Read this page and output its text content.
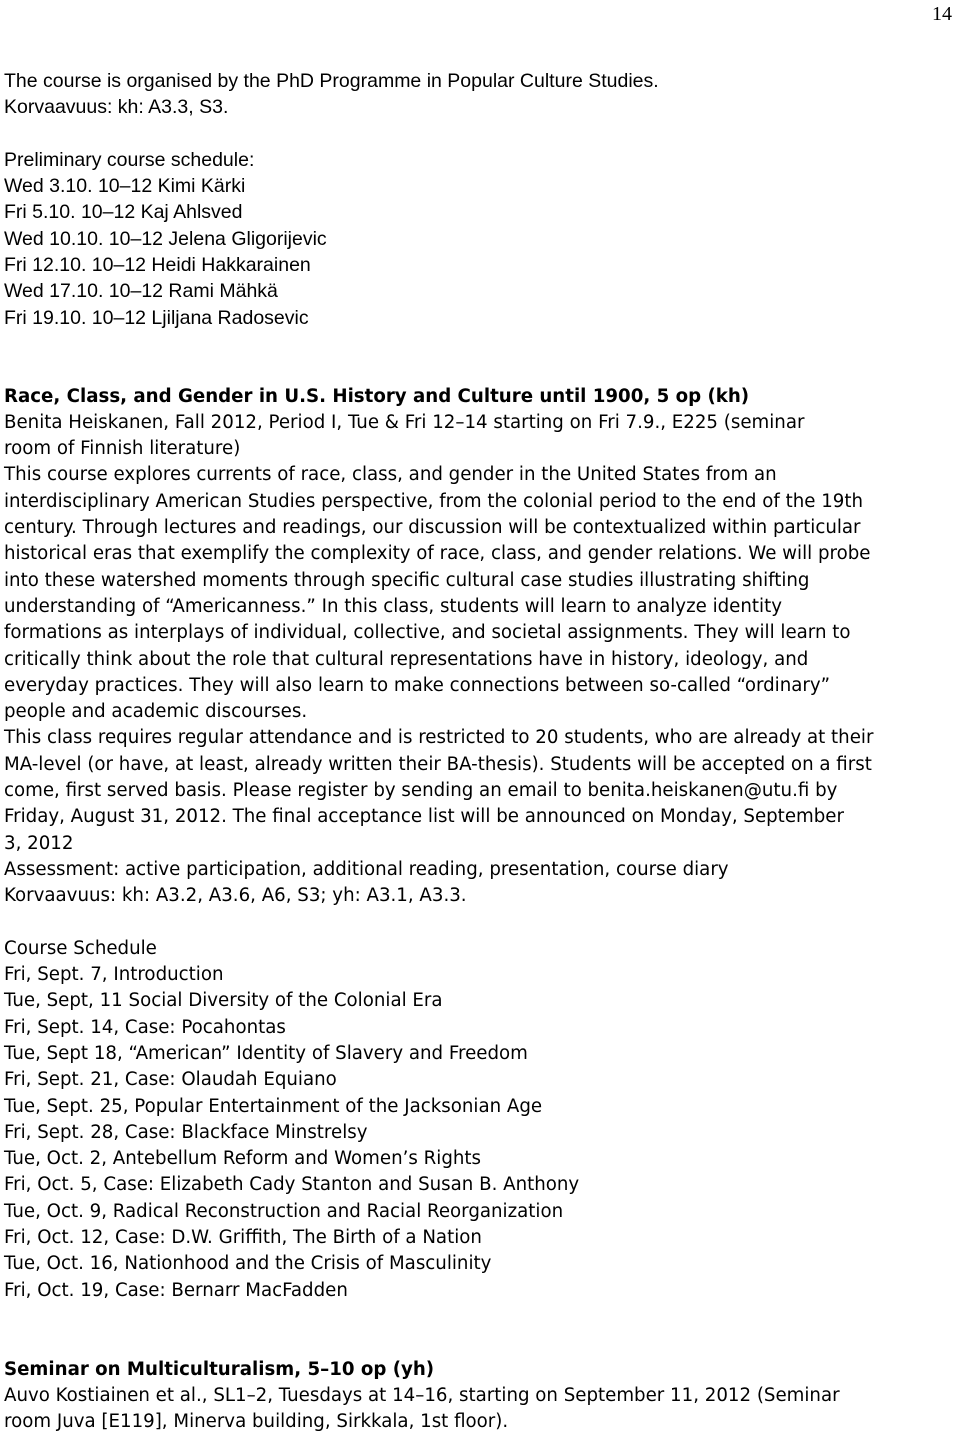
14
The course is organised by the PhD Programme in Popular Culture Studies.
Korvaavuus: kh: A3.3, S3.
Preliminary course schedule:
Wed 3.10. 10–12 Kimi Kärki
Fri 5.10. 10–12 Kaj Ahlsved
Wed 10.10. 10–12 Jelena Gligorijevic
Fri 12.10. 10–12 Heidi Hakkarainen
Wed 17.10. 10–12 Rami Mähkä
Fri 19.10. 10–12 Ljiljana Radosevic
Race, Class, and Gender in U.S. History and Culture until 1900, 5 op (kh)
Benita Heiskanen, Fall 2012, Period I, Tue & Fri 12–14 starting on Fri 7.9., E225 (seminar
room of Finnish literature)
This course explores currents of race, class, and gender in the United States from an
interdisciplinary American Studies perspective, from the colonial period to the end of the 19th
century. Through lectures and readings, our discussion will be contextualized within particular
historical eras that exemplify the complexity of race, class, and gender relations. We will probe
into these watershed moments through specific cultural case studies illustrating shifting
understanding of “Americanness.” In this class, students will learn to analyze identity
formations as interplays of individual, collective, and societal assignments. They will learn to
critically think about the role that cultural representations have in history, ideology, and
everyday practices. They will also learn to make connections between so-called “ordinary”
people and academic discourses.
This class requires regular attendance and is restricted to 20 students, who are already at their
MA-level (or have, at least, already written their BA-thesis). Students will be accepted on a first
come, first served basis. Please register by sending an email to benita.heiskanen@utu.fi by
Friday, August 31, 2012. The final acceptance list will be announced on Monday, September
3, 2012
Assessment: active participation, additional reading, presentation, course diary
Korvaavuus: kh: A3.2, A3.6, A6, S3; yh: A3.1, A3.3.
Course Schedule
Fri, Sept. 7, Introduction
Tue, Sept, 11 Social Diversity of the Colonial Era
Fri, Sept. 14, Case: Pocahontas
Tue, Sept 18, “American” Identity of Slavery and Freedom
Fri, Sept. 21, Case: Olaudah Equiano
Tue, Sept. 25, Popular Entertainment of the Jacksonian Age
Fri, Sept. 28, Case: Blackface Minstrelsy
Tue, Oct. 2, Antebellum Reform and Women’s Rights
Fri, Oct. 5, Case: Elizabeth Cady Stanton and Susan B. Anthony
Tue, Oct. 9, Radical Reconstruction and Racial Reorganization
Fri, Oct. 12, Case: D.W. Griffith, The Birth of a Nation
Tue, Oct. 16, Nationhood and the Crisis of Masculinity
Fri, Oct. 19, Case: Bernarr MacFadden
Seminar on Multiculturalism, 5–10 op (yh)
Auvo Kostiainen et al., SL1–2, Tuesdays at 14–16, starting on September 11, 2012 (Seminar
room Juva [E119], Minerva building, Sirkkala, 1st floor).
